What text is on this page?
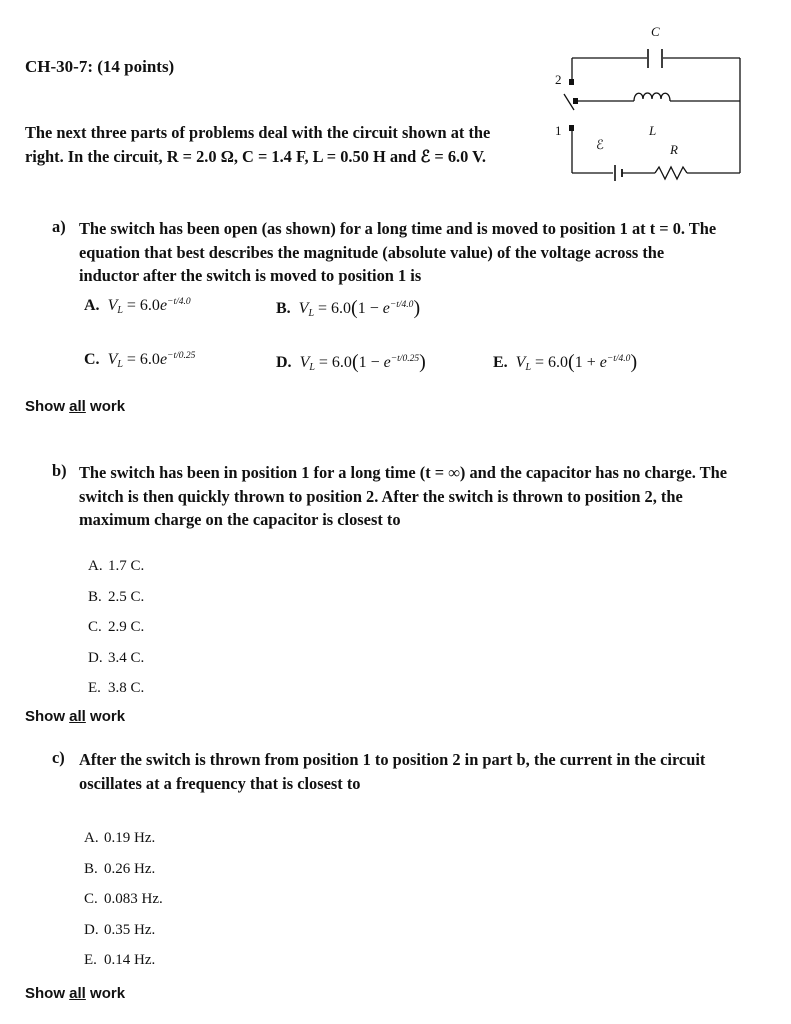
CH-30-7: (14 points)
The next three parts of problems deal with the circuit shown at the right. In the circuit, R = 2.0 Ω, C = 1.4 F, L = 0.50 H and ℰ = 6.0 V.
C
L
R
ℰ
2
1
a) The switch has been open (as shown) for a long time and is moved to position 1 at t = 0. The equation that best describes the magnitude (absolute value) of the voltage across the inductor after the switch is moved to position 1 is
A. $V_L = 6.0e^{-t/4.0}$	B. $V_L = 6.0(1 - e^{-t/4.0})$
C. $V_L = 6.0e^{-t/0.25}$	D. $V_L = 6.0(1 - e^{-t/0.25})$	E. $V_L = 6.0(1 + e^{-t/4.0})$
Show all work
b) The switch has been in position 1 for a long time (t = ∞) and the capacitor has no charge. The switch is then quickly thrown to position 2. After the switch is thrown to position 2, the maximum charge on the capacitor is closest to
A. 1.7 C.
B. 2.5 C.
C. 2.9 C.
D. 3.4 C.
E. 3.8 C.
Show all work
c) After the switch is thrown from position 1 to position 2 in part b, the current in the circuit oscillates at a frequency that is closest to
A. 0.19 Hz.
B. 0.26 Hz.
C. 0.083 Hz.
D. 0.35 Hz.
E. 0.14 Hz.
Show all work
